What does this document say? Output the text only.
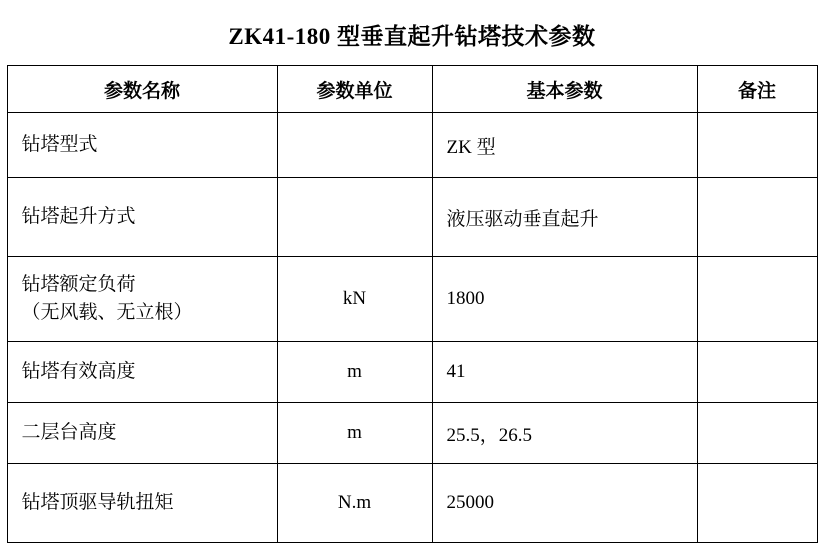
ZK41-180 型垂直起升钻塔技术参数
参数名称	参数单位	基本参数	备注
钻塔型式		ZK 型	
钻塔起升方式		液压驱动垂直起升	

钻塔额定负荷
（无风载、无立根）	kN	1800	
钻塔有效高度	m	41	
二层台高度	m	25.5，26.5	
钻塔顶驱导轨扭矩	N.m	25000	
